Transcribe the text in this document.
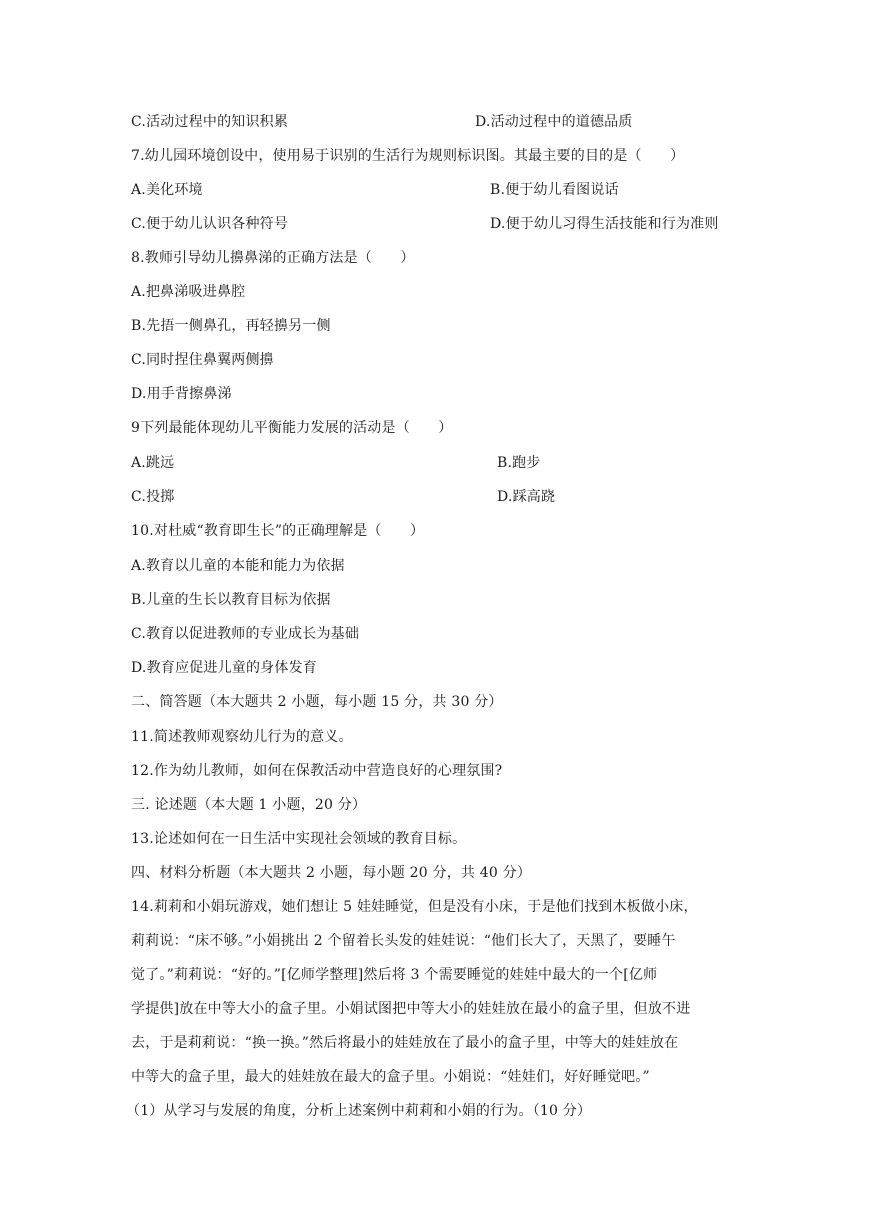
C.活动过程中的知识积累	D.活动过程中的道德品质
7.幼儿园环境创设中，使用易于识别的生活行为规则标识图。其最主要的目的是（　　）
A.美化环境	B.便于幼儿看图说话
C.便于幼儿认识各种符号	D.便于幼儿习得生活技能和行为准则
8.教师引导幼儿擤鼻涕的正确方法是（　　）
A.把鼻涕吸进鼻腔
B.先捂一侧鼻孔，再轻擤另一侧
C.同时捏住鼻翼两侧擤
D.用手背擦鼻涕
9下列最能体现幼儿平衡能力发展的活动是（　　）
A.跳远	B.跑步
C.投掷	D.踩高跷
10.对杜威“教育即生长”的正确理解是（　　）
A.教育以儿童的本能和能力为依据
B.儿童的生长以教育目标为依据
C.教育以促进教师的专业成长为基础
D.教育应促进儿童的身体发育
二、简答题（本大题共 2 小题，每小题 15 分，共 30 分）
11.简述教师观察幼儿行为的意义。
12.作为幼儿教师，如何在保教活动中营造良好的心理氛围?
三. 论述题（本大题 1 小题，20 分）
13.论述如何在一日生活中实现社会领域的教育目标。
四、材料分析题（本大题共 2 小题，每小题 20 分，共 40 分）
14.莉莉和小娟玩游戏，她们想让 5 娃娃睡觉，但是没有小床，于是他们找到木板做小床，
莉莉说：“床不够。”小娟挑出 2 个留着长头发的娃娃说：“他们长大了，天黑了，要睡午
觉了。”莉莉说：“好的。”[亿师学整理]然后将 3 个需要睡觉的娃娃中最大的一个[亿师
学提供]放在中等大小的盒子里。小娟试图把中等大小的娃娃放在最小的盒子里，但放不进
去，于是莉莉说：“换一换。”然后将最小的娃娃放在了最小的盒子里，中等大的娃娃放在
中等大的盒子里，最大的娃娃放在最大的盒子里。小娟说：“娃娃们，好好睡觉吧。”
（1）从学习与发展的角度，分析上述案例中莉莉和小娟的行为。（10 分）
